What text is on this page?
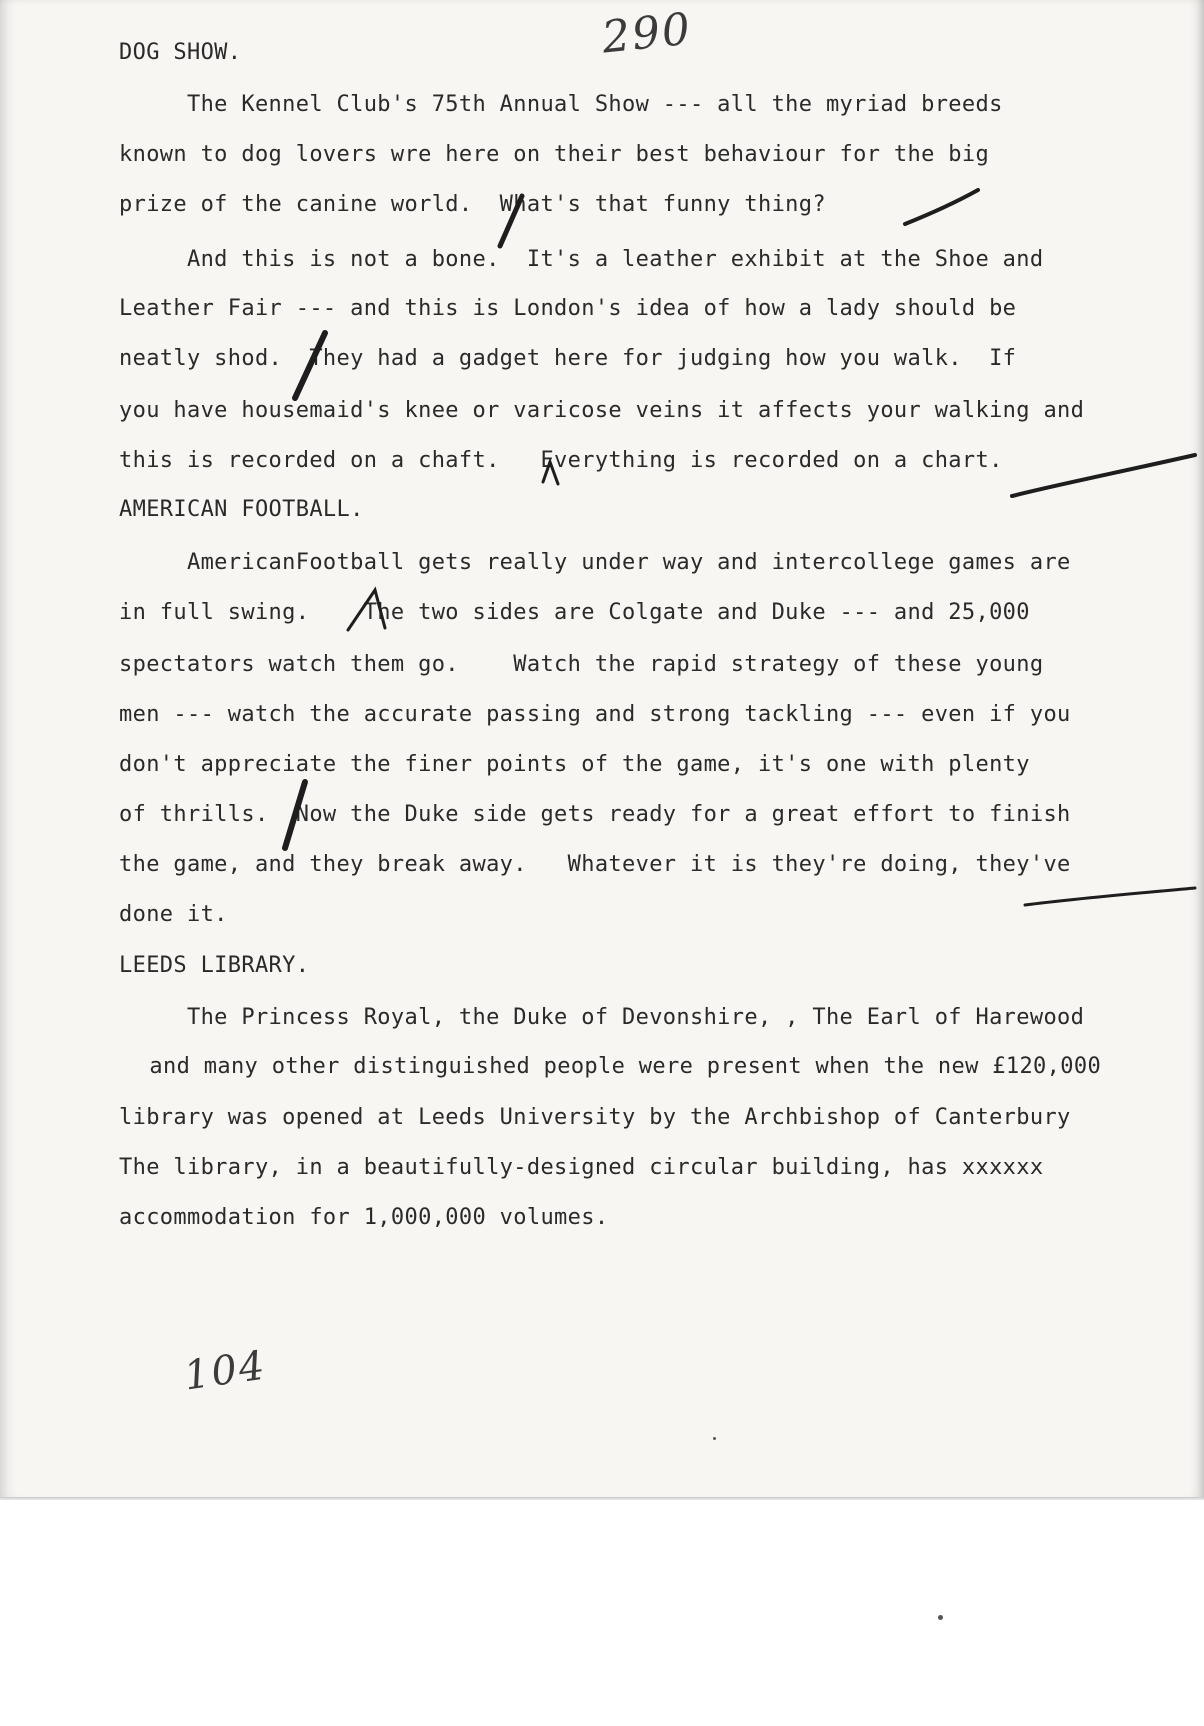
290
DOG SHOW.
The Kennel Club's 75th Annual Show --- all the myriad breeds
known to dog lovers wre here on their best behaviour for the big
prize of the canine world.  What's that funny thing?
And this is not a bone.  It's a leather exhibit at the Shoe and
Leather Fair --- and this is London's idea of how a lady should be
neatly shod.  They had a gadget here for judging how you walk.  If
you have housemaid's knee or varicose veins it affects your walking and
this is recorded on a chaft.   Everything is recorded on a chart.
AMERICAN FOOTBALL.
AmericanFootball gets really under way and intercollege games are
in full swing.    The two sides are Colgate and Duke --- and 25,000
spectators watch them go.    Watch the rapid strategy of these young
men --- watch the accurate passing and strong tackling --- even if you
don't appreciate the finer points of the game, it's one with plenty
of thrills.  Now the Duke side gets ready for a great effort to finish
the game, and they break away.   Whatever it is they're doing, they've
done it.
LEEDS LIBRARY.
The Princess Royal, the Duke of Devonshire, , The Earl of Harewood
and many other distinguished people were present when the new £120,000
library was opened at Leeds University by the Archbishop of Canterbury
The library, in a beautifully-designed circular building, has xxxxxx
accommodation for 1,000,000 volumes.
104
